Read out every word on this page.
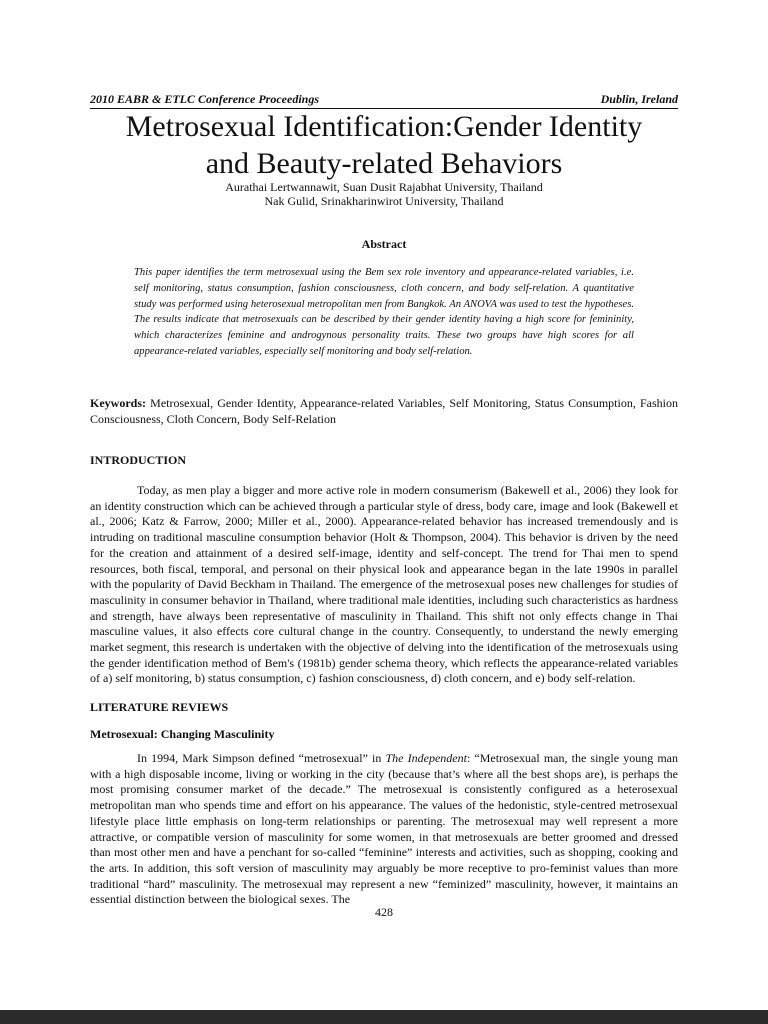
2010 EABR & ETLC Conference Proceedings	Dublin, Ireland
Metrosexual Identification:Gender Identity
and Beauty-related Behaviors
Aurathai Lertwannawit, Suan Dusit Rajabhat University, Thailand
Nak Gulid, Srinakharinwirot University, Thailand
Abstract

This paper identifies the term metrosexual using the Bem sex role inventory and appearance-related variables, i.e. self monitoring, status consumption, fashion consciousness, cloth concern, and body self-relation. A quantitative study was performed using heterosexual metropolitan men from Bangkok. An ANOVA was used to test the hypotheses. The results indicate that metrosexuals can be described by their gender identity having a high score for femininity, which characterizes feminine and androgynous personality traits. These two groups have high scores for all appearance-related variables, especially self monitoring and body self-relation.

Keywords: Metrosexual, Gender Identity, Appearance-related Variables, Self Monitoring, Status Consumption, Fashion Consciousness, Cloth Concern, Body Self-Relation

INTRODUCTION

Today, as men play a bigger and more active role in modern consumerism (Bakewell et al., 2006) they look for an identity construction which can be achieved through a particular style of dress, body care, image and look (Bakewell et al., 2006; Katz & Farrow, 2000; Miller et al., 2000). Appearance-related behavior has increased tremendously and is intruding on traditional masculine consumption behavior (Holt & Thompson, 2004). This behavior is driven by the need for the creation and attainment of a desired self-image, identity and self-concept. The trend for Thai men to spend resources, both fiscal, temporal, and personal on their physical look and appearance began in the late 1990s in parallel with the popularity of David Beckham in Thailand. The emergence of the metrosexual poses new challenges for studies of masculinity in consumer behavior in Thailand, where traditional male identities, including such characteristics as hardness and strength, have always been representative of masculinity in Thailand. This shift not only effects change in Thai masculine values, it also effects core cultural change in the country. Consequently, to understand the newly emerging market segment, this research is undertaken with the objective of delving into the identification of the metrosexuals using the gender identification method of Bem's (1981b) gender schema theory, which reflects the appearance-related variables of a) self monitoring, b) status consumption, c) fashion consciousness, d) cloth concern, and e) body self-relation.

LITERATURE REVIEWS
Metrosexual: Changing Masculinity

In 1994, Mark Simpson defined “metrosexual” in The Independent: “Metrosexual man, the single young man with a high disposable income, living or working in the city (because that’s where all the best shops are), is perhaps the most promising consumer market of the decade.” The metrosexual is consistently configured as a heterosexual metropolitan man who spends time and effort on his appearance. The values of the hedonistic, style-centred metrosexual lifestyle place little emphasis on long-term relationships or parenting. The metrosexual may well represent a more attractive, or compatible version of masculinity for some women, in that metrosexuals are better groomed and dressed than most other men and have a penchant for so-called “feminine” interests and activities, such as shopping, cooking and the arts. In addition, this soft version of masculinity may arguably be more receptive to pro-feminist values than more traditional “hard” masculinity. The metrosexual may represent a new “feminized” masculinity, however, it maintains an essential distinction between the biological sexes. The

428
